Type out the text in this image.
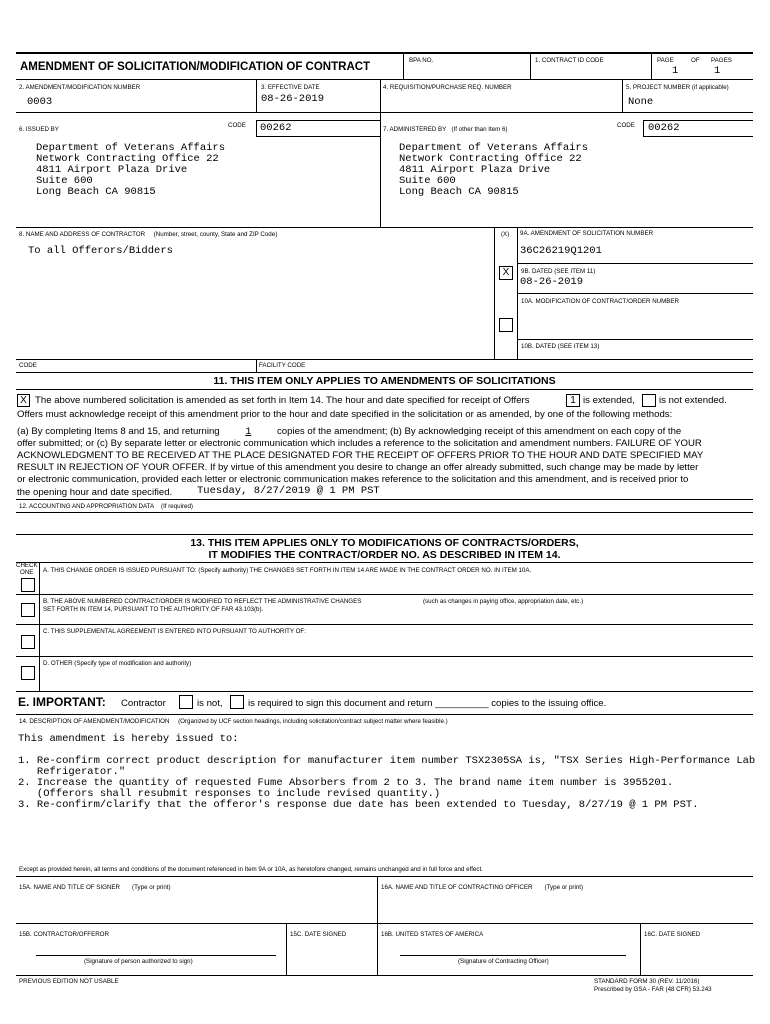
AMENDMENT OF SOLICITATION/MODIFICATION OF CONTRACT
BPA NO.	1. CONTRACT ID CODE	PAGE	OF PAGES
1	1
2. AMENDMENT/MODIFICATION NUMBER
0003
3. EFFECTIVE DATE
08-26-2019
4. REQUISITION/PURCHASE REQ. NUMBER	5. PROJECT NUMBER (if applicable)
None
6. ISSUED BY
CODE 00262
Department of Veterans Affairs
Network Contracting Office 22
4811 Airport Plaza Drive
Suite 600
Long Beach CA 90815
7. ADMINISTERED BY (If other than Item 6)
CODE 00262
Department of Veterans Affairs
Network Contracting Office 22
4811 Airport Plaza Drive
Suite 600
Long Beach CA 90815
8. NAME AND ADDRESS OF CONTRACTOR (Number, street, county, State and ZIP Code)
To all Offerors/Bidders
(X) 9A. AMENDMENT OF SOLICITATION NUMBER
36C26219Q1201
X	9B. DATED (SEE ITEM 11)
08-26-2019
10A. MODIFICATION OF CONTRACT/ORDER NUMBER
10B. DATED (SEE ITEM 13)
CODE	FACILITY CODE
11. THIS ITEM ONLY APPLIES TO AMENDMENTS OF SOLICITATIONS
X The above numbered solicitation is amended as set forth in Item 14. The hour and date specified for receipt of Offers	1 is extended,	is not extended.
Offers must acknowledge receipt of this amendment prior to the hour and date specified in the solicitation or as amended, by one of the following methods:
(a) By completing Items 8 and 15, and returning	1	copies of the amendment; (b) By acknowledging receipt of this amendment on each copy of the
offer submitted; or (c) By separate letter or electronic communication which includes a reference to the solicitation and amendment numbers. FAILURE OF YOUR
ACKNOWLEDGMENT TO BE RECEIVED AT THE PLACE DESIGNATED FOR THE RECEIPT OF OFFERS PRIOR TO THE HOUR AND DATE SPECIFIED MAY
RESULT IN REJECTION OF YOUR OFFER. If by virtue of this amendment you desire to change an offer already submitted, such change may be made by letter
or electronic communication, provided each letter or electronic communication makes reference to the solicitation and this amendment, and is received prior to
the opening hour and date specified. Tuesday, 8/27/2019 @ 1 PM PST
12. ACCOUNTING AND APPROPRIATION DATA (If required)
13. THIS ITEM APPLIES ONLY TO MODIFICATIONS OF CONTRACTS/ORDERS,
IT MODIFIES THE CONTRACT/ORDER NO. AS DESCRIBED IN ITEM 14.
CHECK
ONE A. THIS CHANGE ORDER IS ISSUED PURSUANT TO: (Specify authority) THE CHANGES SET FORTH IN ITEM 14 ARE MADE IN THE CONTRACT ORDER NO. IN ITEM 10A.
B. THE ABOVE NUMBERED CONTRACT/ORDER IS MODIFIED TO REFLECT THE ADMINISTRATIVE CHANGES	(such as changes in paying office, appropriation date, etc.)
SET FORTH IN ITEM 14, PURSUANT TO THE AUTHORITY OF FAR 43.103(b).
C. THIS SUPPLEMENTAL AGREEMENT IS ENTERED INTO PURSUANT TO AUTHORITY OF:
D. OTHER (Specify type of modification and authority)
E. IMPORTANT: Contractor	is not,	is required to sign this document and return __________ copies to the issuing office.
14. DESCRIPTION OF AMENDMENT/MODIFICATION (Organized by UCF section headings, including solicitation/contract subject matter where feasible.)
This amendment is hereby issued to:
1. Re-confirm correct product description for manufacturer item number TSX2305SA is, "TSX Series High-Performance Lab
Refrigerator."
2. Increase the quantity of requested Fume Absorbers from 2 to 3. The brand name item number is 3955201.
(Offerors shall resubmit responses to include revised quantity.)
3. Re-confirm/clarify that the offeror's response due date has been extended to Tuesday, 8/27/19 @ 1 PM PST.
Except as provided herein, all terms and conditions of the document referenced in Item 9A or 10A, as heretofore changed, remains unchanged and in full force and effect.
15A. NAME AND TITLE OF SIGNER (Type or print)	16A. NAME AND TITLE OF CONTRACTING OFFICER (Type or print)
15B. CONTRACTOR/OFFEROR	15C. DATE SIGNED	16B. UNITED STATES OF AMERICA	16C. DATE SIGNED
(Signature of person authorized to sign)	(Signature of Contracting Officer)
PREVIOUS EDITION NOT USABLE	STANDARD FORM 30 (REV. 11/2016)
Prescribed by GSA - FAR (48 CFR) 53.243
